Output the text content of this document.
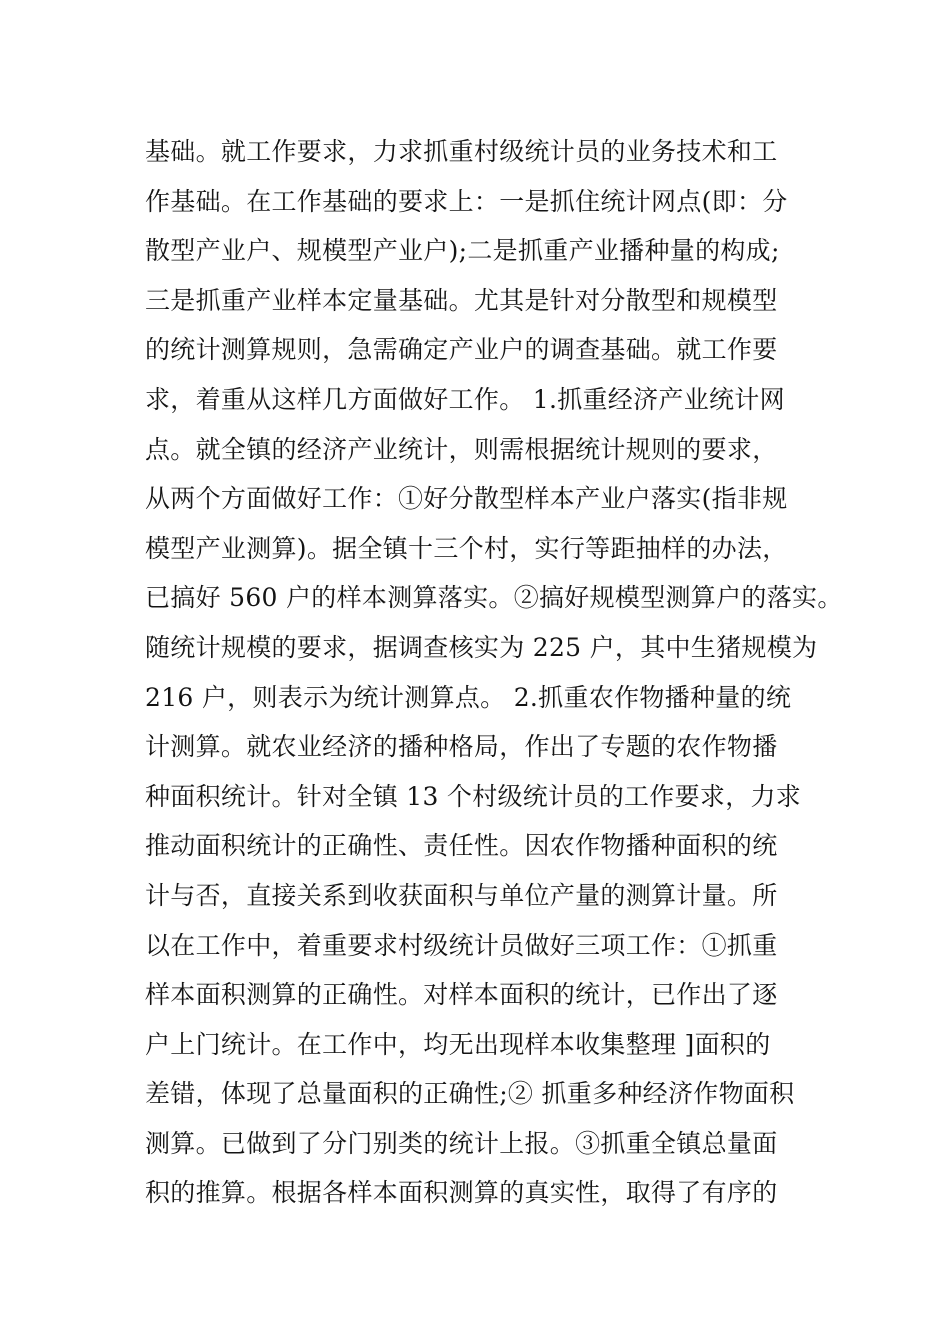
基础。就工作要求，力求抓重村级统计员的业务技术和工
作基础。在工作基础的要求上：一是抓住统计网点(即：分
散型产业户、规模型产业户);二是抓重产业播种量的构成;
三是抓重产业样本定量基础。尤其是针对分散型和规模型
的统计测算规则，急需确定产业户的调查基础。就工作要
求，着重从这样几方面做好工作。 1.抓重经济产业统计网
点。就全镇的经济产业统计，则需根据统计规则的要求，
从两个方面做好工作：①好分散型样本产业户落实(指非规
模型产业测算)。据全镇十三个村，实行等距抽样的办法，
已搞好 560 户的样本测算落实。②搞好规模型测算户的落实。
随统计规模的要求，据调查核实为 225 户，其中生猪规模为
216 户，则表示为统计测算点。 2.抓重农作物播种量的统
计测算。就农业经济的播种格局，作出了专题的农作物播
种面积统计。针对全镇 13 个村级统计员的工作要求，力求
推动面积统计的正确性、责任性。因农作物播种面积的统
计与否，直接关系到收获面积与单位产量的测算计量。所
以在工作中，着重要求村级统计员做好三项工作：①抓重
样本面积测算的正确性。对样本面积的统计，已作出了逐
户上门统计。在工作中，均无出现样本收集整理 ]面积的
差错，体现了总量面积的正确性;② 抓重多种经济作物面积
测算。已做到了分门别类的统计上报。③抓重全镇总量面
积的推算。根据各样本面积测算的真实性，取得了有序的
